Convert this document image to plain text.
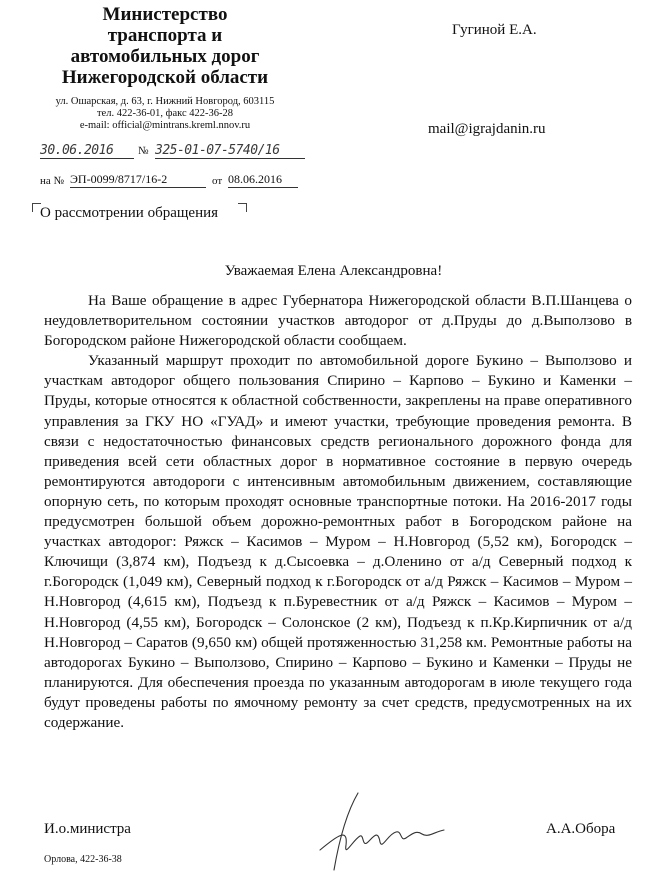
Министерство
транспорта и
автомобильных дорог
Нижегородской области
ул. Ошарская, д. 63, г. Нижний Новгород, 603115
тел. 422-36-01, факс 422-36-28
e-mail: official@mintrans.kreml.nnov.ru
30.06.2016	№ 325-01-07-5740/16
на № ЭП-0099/8717/16-2	от 08.06.2016
Гугиной Е.А.
mail@igrajdanin.ru
О рассмотрении обращения
Уважаемая Елена Александровна!

На Ваше обращение в адрес Губернатора Нижегородской области В.П.Шанцева о неудовлетворительном состоянии участков автодорог от д.Пруды до д.Выползово в Богородском районе Нижегородской области сообщаем.

Указанный маршрут проходит по автомобильной дороге Букино – Выползово и участкам автодорог общего пользования Спирино – Карпово – Букино и Каменки – Пруды, которые относятся к областной собственности, закреплены на праве оперативного управления за ГКУ НО «ГУАД» и имеют участки, требующие проведения ремонта. В связи с недостаточностью финансовых средств регионального дорожного фонда для приведения всей сети областных дорог в нормативное состояние в первую очередь ремонтируются автодороги с интенсивным автомобильным движением, составляющие опорную сеть, по которым проходят основные транспортные потоки. На 2016-2017 годы предусмотрен большой объем дорожно-ремонтных работ в Богородском районе на участках автодорог: Ряжск – Касимов – Муром – Н.Новгород (5,52 км), Богородск – Ключищи (3,874 км), Подъезд к д.Сысоевка – д.Оленино от а/д Северный подход к г.Богородск (1,049 км), Северный подход к г.Богородск от а/д Ряжск – Касимов – Муром – Н.Новгород (4,615 км), Подъезд к п.Буревестник от а/д Ряжск – Касимов – Муром – Н.Новгород (4,55 км), Богородск – Солонское (2 км), Подъезд к п.Кр.Кирпичник от а/д Н.Новгород – Саратов (9,650 км) общей протяженностью 31,258 км. Ремонтные работы на автодорогах Букино – Выползово, Спирино – Карпово – Букино и Каменки – Пруды не планируются. Для обеспечения проезда по указанным автодорогам в июле текущего года будут проведены работы по ямочному ремонту за счет средств, предусмотренных на их содержание.

И.о.министра	А.А.Обора
Орлова, 422-36-38
